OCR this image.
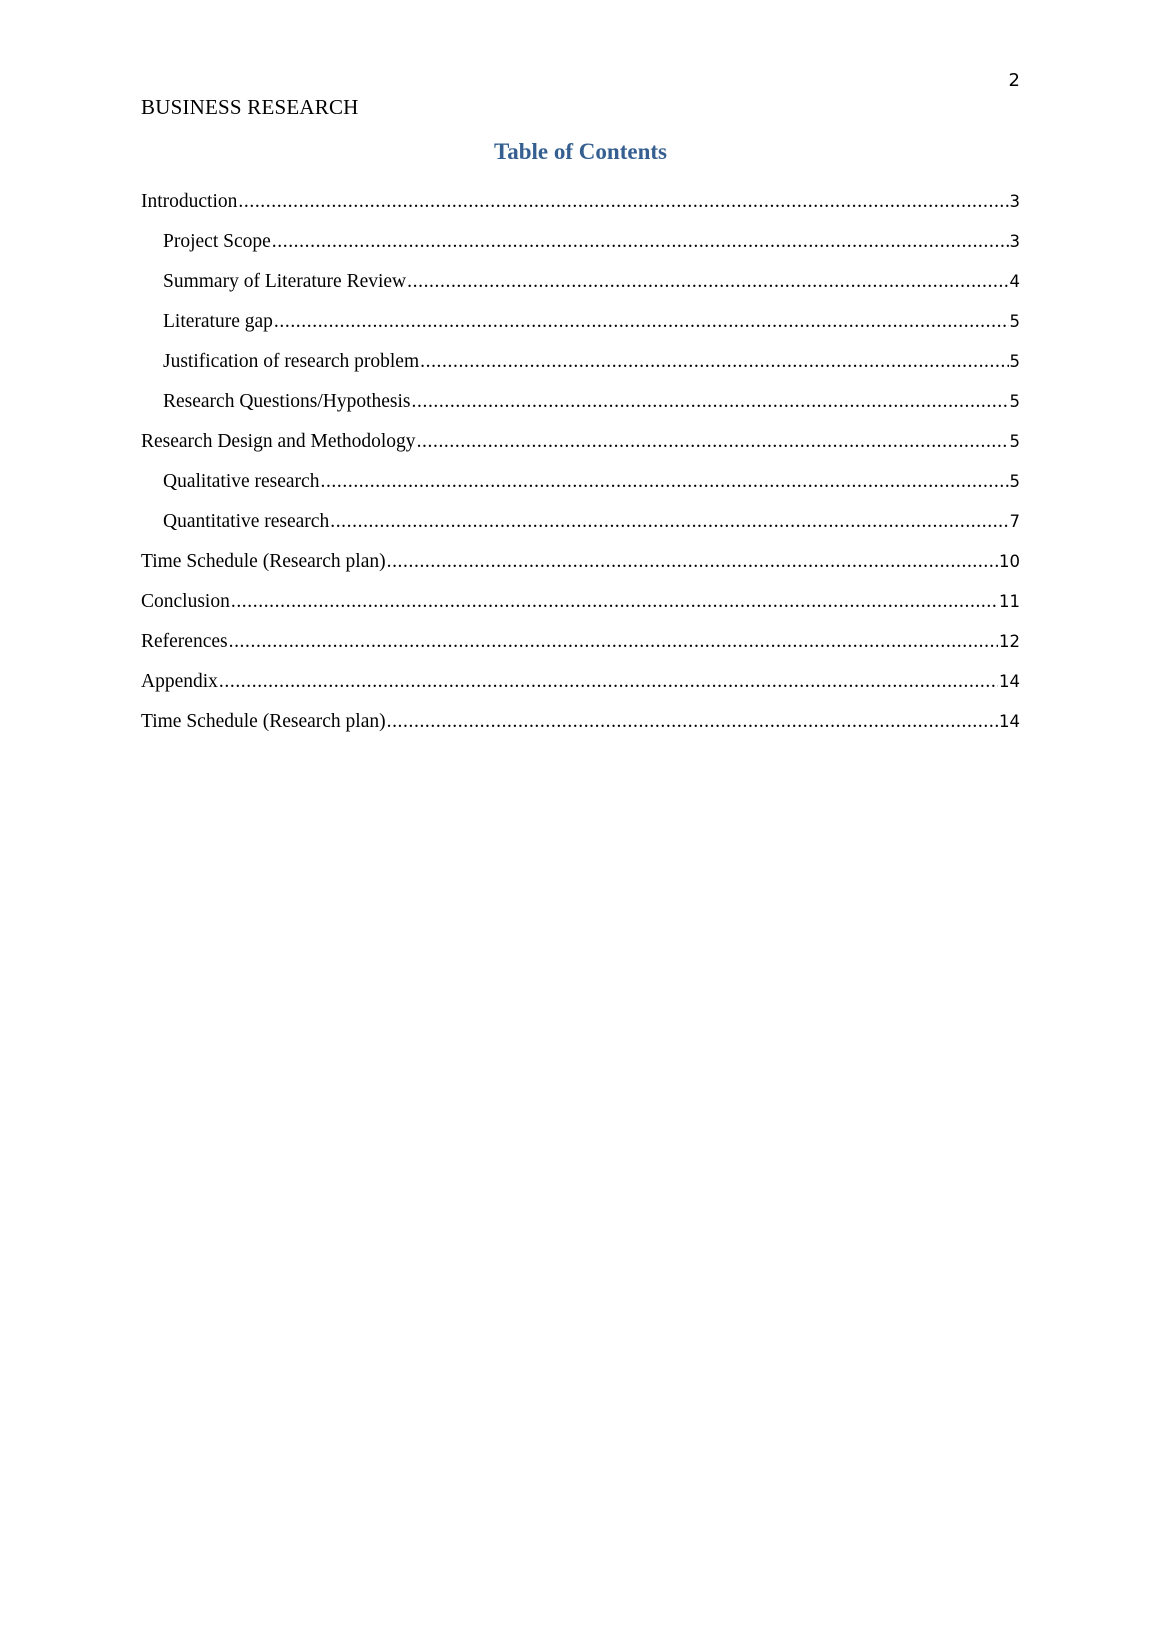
2
BUSINESS RESEARCH
Table of Contents
Introduction .....	3
Project Scope .....	3
Summary of Literature Review .....	4
Literature gap .....	5
Justification of research problem .....	5
Research Questions/Hypothesis .....	5
Research Design and Methodology .....	5
Qualitative research .....	5
Quantitative research .....	7
Time Schedule (Research plan) .....	10
Conclusion .....	11
References .....	12
Appendix .....	14
Time Schedule (Research plan) .....	14
